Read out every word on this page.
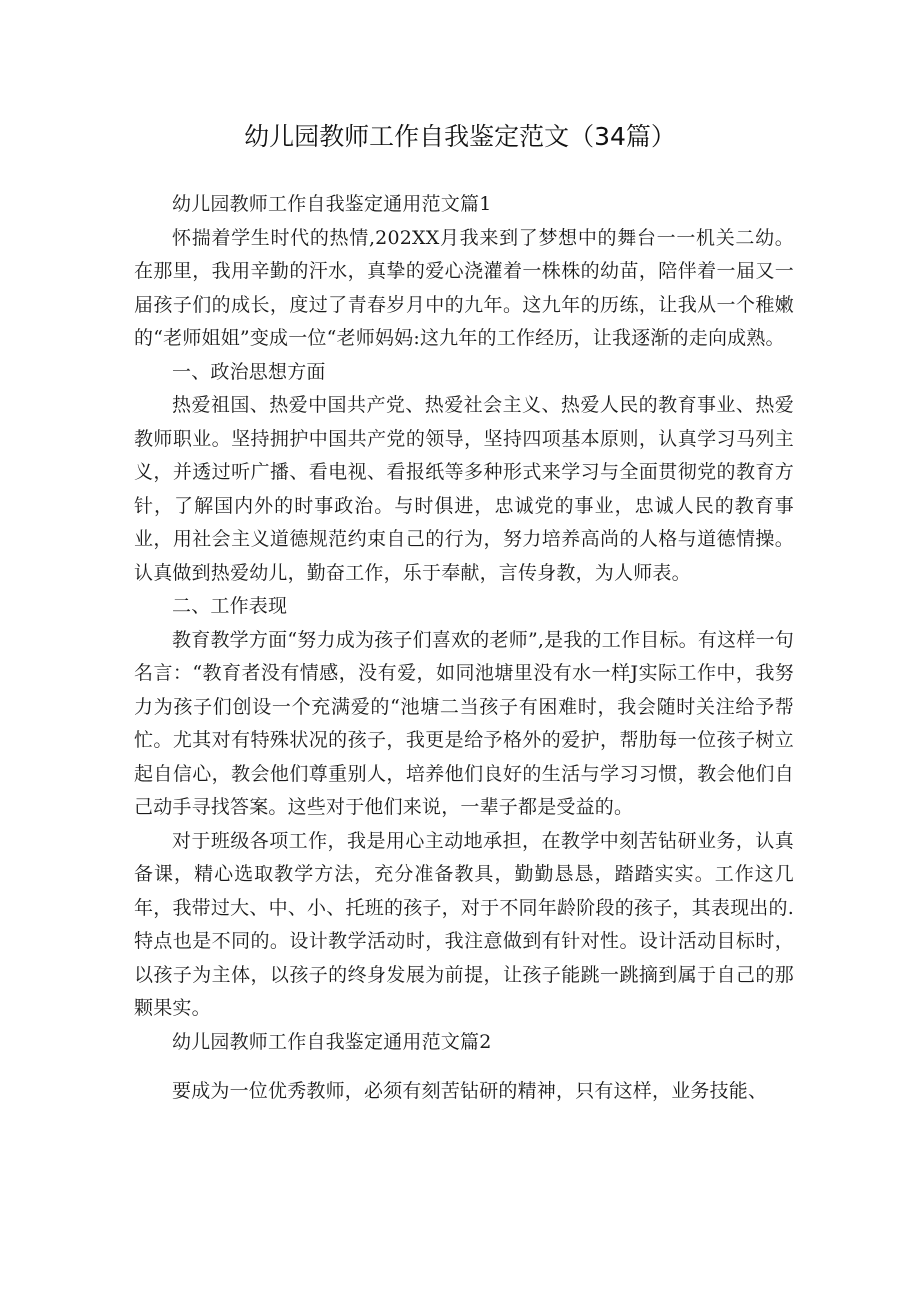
幼儿园教师工作自我鉴定范文（34篇）

幼儿园教师工作自我鉴定通用范文篇1

怀揣着学生时代的热情,202XX月我来到了梦想中的舞台一一机关二幼。在那里，我用辛勤的汗水，真挚的爱心浇灌着一株株的幼苗，陪伴着一届又一届孩子们的成长，度过了青春岁月中的九年。这九年的历练，让我从一个稚嫩的“老师姐姐”变成一位“老师妈妈:这九年的工作经历，让我逐渐的走向成熟。

一、政治思想方面

热爱祖国、热爱中国共产党、热爱社会主义、热爱人民的教育事业、热爱教师职业。坚持拥护中国共产党的领导，坚持四项基本原则，认真学习马列主义，并透过听广播、看电视、看报纸等多种形式来学习与全面贯彻党的教育方针，了解国内外的时事政治。与时俱进，忠诚党的事业，忠诚人民的教育事业，用社会主义道德规范约束自己的行为，努力培养高尚的人格与道德情操。认真做到热爱幼儿，勤奋工作，乐于奉献，言传身教，为人师表。

二、工作表现

教育教学方面“努力成为孩子们喜欢的老师”,是我的工作目标。有这样一句名言：“教育者没有情感，没有爱，如同池塘里没有水一样J实际工作中，我努力为孩子们创设一个充满爱的“池塘二当孩子有困难时，我会随时关注给予帮忙。尤其对有特殊状况的孩子，我更是给予格外的爱护，帮肋每一位孩子树立起自信心，教会他们尊重别人，培养他们良好的生活与学习习惯，教会他们自己动手寻找答案。这些对于他们来说，一辈子都是受益的。

对于班级各项工作，我是用心主动地承担，在教学中刻苦钻研业务，认真备课，精心选取教学方法，充分准备教具，勤勤恳恳，踏踏实实。工作这几年，我带过大、中、小、托班的孩子，对于不同年龄阶段的孩子，其表现出的.特点也是不同的。设计教学活动时，我注意做到有针对性。设计活动目标时，以孩子为主体，以孩子的终身发展为前提，让孩子能跳一跳摘到属于自己的那颗果实。

幼儿园教师工作自我鉴定通用范文篇2

要成为一位优秀教师，必须有刻苦钻研的精神，只有这样，业务技能、
